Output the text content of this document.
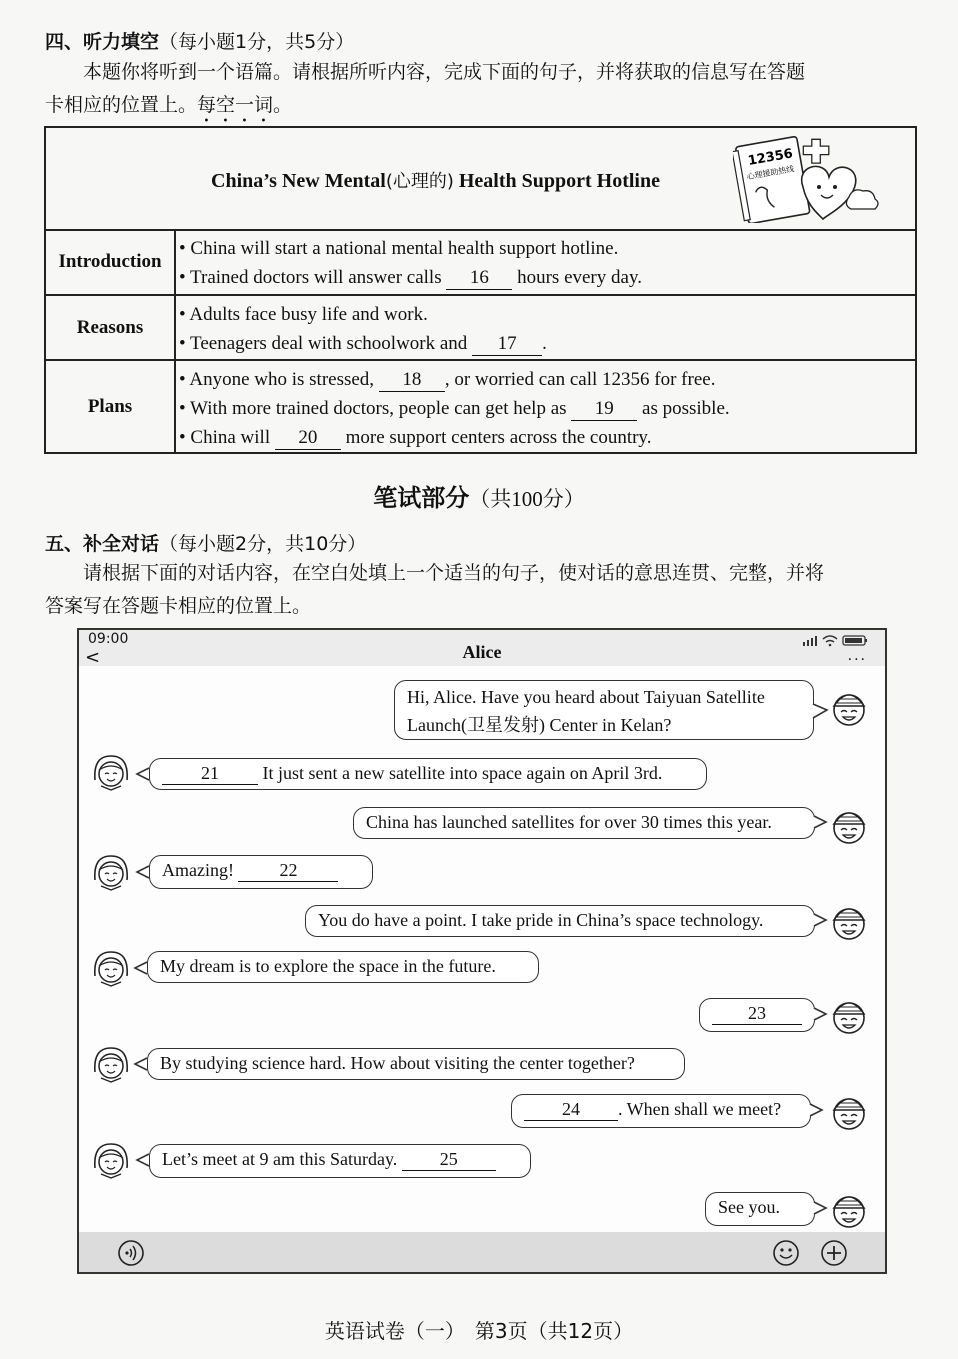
四、听力填空（每小题1分，共5分）
本题你将听到一个语篇。请根据所听内容，完成下面的句子，并将获取的信息写在答题
卡相应的位置上。每空一词。
China’s New Mental(心理的) Health Support Hotline
Introduction
• China will start a national mental health support hotline.
• Trained doctors will answer calls 16 hours every day.
Reasons
• Adults face busy life and work.
• Teenagers deal with schoolwork and 17 .
Plans
• Anyone who is stressed, 18 , or worried can call 12356 for free.
• With more trained doctors, people can get help as 19 as possible.
• China will 20 more support centers across the country.
12356
心理援助热线
笔试部分（共100分）
五、补全对话（每小题2分，共10分）
请根据下面的对话内容，在空白处填上一个适当的句子，使对话的意思连贯、完整，并将
答案写在答题卡相应的位置上。
09:00
<	Alice	...
Hi, Alice. Have you heard about Taiyuan Satellite
Launch(卫星发射) Center in Kelan?
21 It just sent a new satellite into space again on April 3rd.
China has launched satellites for over 30 times this year.
Amazing!	22
You do have a point. I take pride in China’s space technology.
My dream is to explore the space in the future.
23
By studying science hard. How about visiting the center together?
24 . When shall we meet?
Let’s meet at 9 am this Saturday. 25
See you.
英语试卷（一）　第3页（共12页）
